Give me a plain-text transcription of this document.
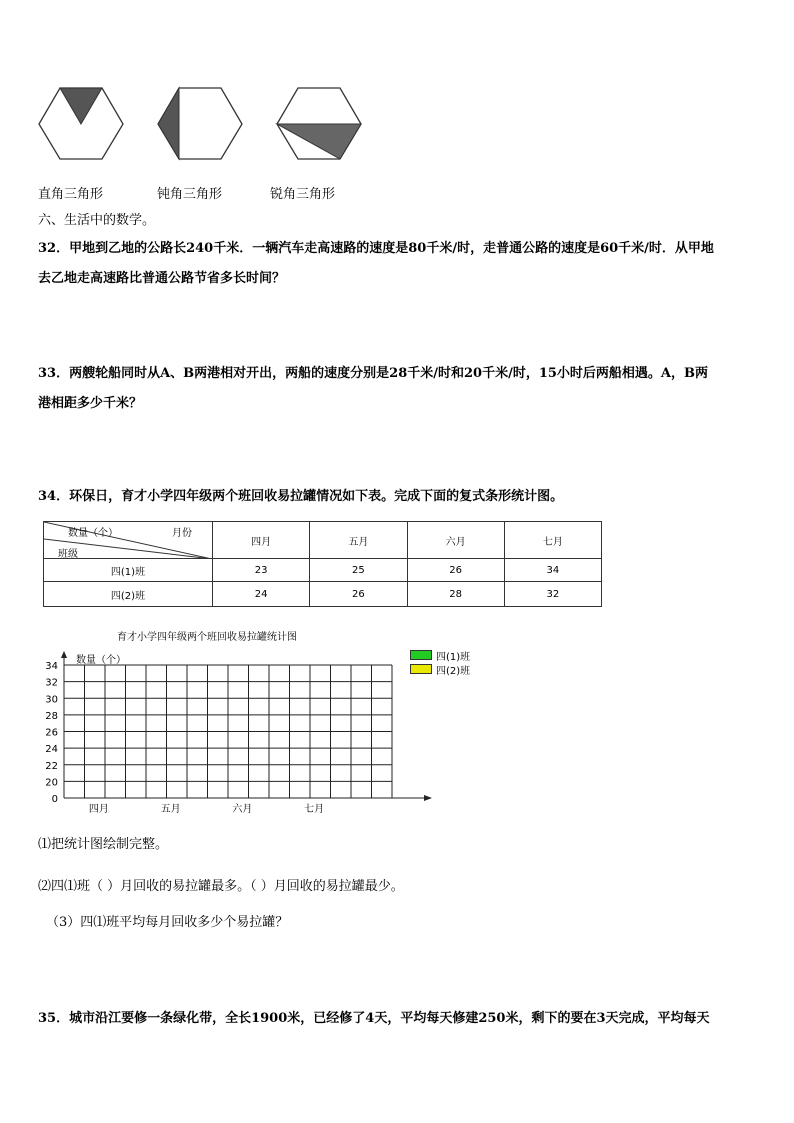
直角三角形	钝角三角形	锐角三角形
六、生活中的数学。
32．甲地到乙地的公路长240千米．一辆汽车走高速路的速度是80千米/时，走普通公路的速度是60千米/时．从甲地
去乙地走高速路比普通公路节省多长时间？
33．两艘轮船同时从A、B两港相对开出，两船的速度分别是28千米/时和20千米/时，15小时后两船相遇。A，B两
港相距多少千米？
34．环保日，育才小学四年级两个班回收易拉罐情况如下表。完成下面的复式条形统计图。
数量（个） 月份
班级	四月	五月	六月	七月
四(1)班	23	25	26	34
四(2)班	24	26	28	32
育才小学四年级两个班回收易拉罐统计图
数量（个）	四(1)班
四(2)班
34
32
30
28
26
24
22
20
0
四月	五月	六月	七月
⑴把统计图绘制完整。
⑵四⑴班（ ）月回收的易拉罐最多。（ ）月回收的易拉罐最少。
（3）四⑴班平均每月回收多少个易拉罐？
35．城市沿江要修一条绿化带，全长1900米，已经修了4天，平均每天修建250米，剩下的要在3天完成，平均每天
